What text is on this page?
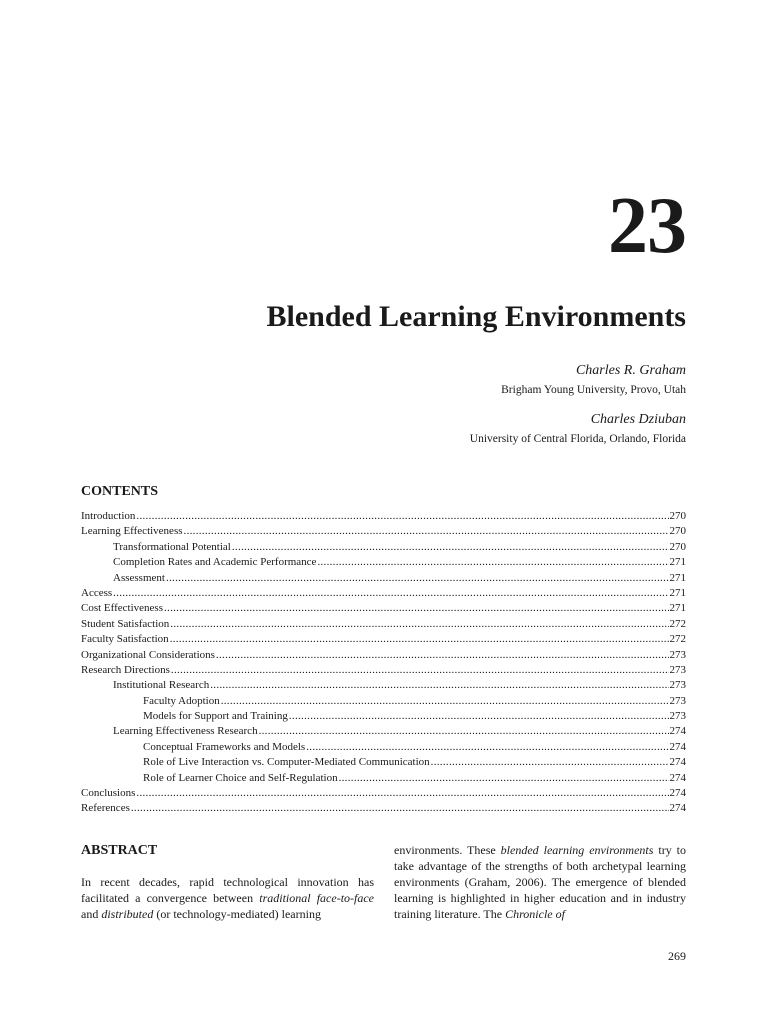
23
Blended Learning Environments
Charles R. Graham
Brigham Young University, Provo, Utah
Charles Dziuban
University of Central Florida, Orlando, Florida
CONTENTS
Introduction .....	270
Learning Effectiveness .....	270
Transformational Potential .....	270
Completion Rates and Academic Performance .....	271
Assessment .....	271
Access .....	271
Cost Effectiveness .....	271
Student Satisfaction .....	272
Faculty Satisfaction .....	272
Organizational Considerations .....	273
Research Directions .....	273
Institutional Research .....	273
Faculty Adoption .....	273
Models for Support and Training .....	273
Learning Effectiveness Research .....	274
Conceptual Frameworks and Models .....	274
Role of Live Interaction vs. Computer-Mediated Communication .....	274
Role of Learner Choice and Self-Regulation .....	274
Conclusions .....	274
References .....	274
ABSTRACT

In recent decades, rapid technological innovation has facilitated a convergence between traditional face-to-face and distributed (or technology-mediated) learning

environments. These blended learning environments try to take advantage of the strengths of both archetypal learning environments (Graham, 2006). The emergence of blended learning is highlighted in higher education and in industry training literature. The Chronicle of

269
